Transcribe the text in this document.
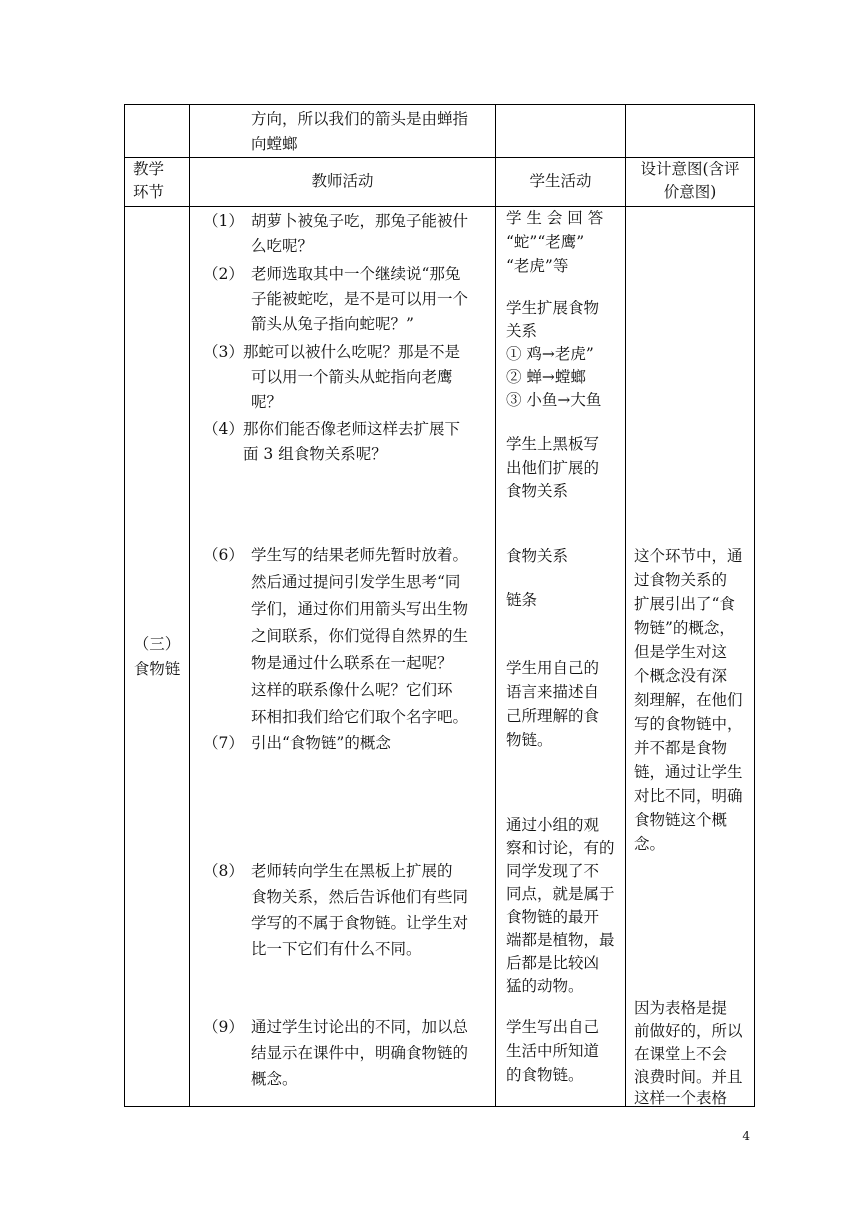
方向，所以我们的箭头是由蝉指
向螳螂
教学
环节
教师活动	学生活动
设计意图(含评
价意图)
（三）
食物链
（1） 胡萝卜被兔子吃，那兔子能被什
么吃呢？
（2） 老师选取其中一个继续说“那兔
子能被蛇吃，是不是可以用一个
箭头从兔子指向蛇呢？”
（3） 那蛇可以被什么吃呢？那是不是
可以用一个箭头从蛇指向老鹰
呢？
（4） 那你们能否像老师这样去扩展下
面 3 组食物关系呢？
（6） 学生写的结果老师先暂时放着。
然后通过提问引发学生思考“同
学们，通过你们用箭头写出生物
之间联系，你们觉得自然界的生
物是通过什么联系在一起呢？
这样的联系像什么呢？它们环
环相扣我们给它们取个名字吧。
（7） 引出“食物链”的概念
（8） 老师转向学生在黑板上扩展的
食物关系，然后告诉他们有些同
学写的不属于食物链。让学生对
比一下它们有什么不同。
（9） 通过学生讨论出的不同，加以总
结显示在课件中，明确食物链的
概念。
学 生 会 回 答
“蛇”“老鹰”
“老虎”等
学生扩展食物
关系
① 鸡→老虎”
② 蝉→螳螂
③ 小鱼→大鱼
学生上黑板写
出他们扩展的
食物关系
食物关系
链条
学生用自己的
语言来描述自
己所理解的食
物链。
通过小组的观
察和讨论，有的
同学发现了不
同点，就是属于
食物链的最开
端都是植物，最
后都是比较凶
猛的动物。
学生写出自己
生活中所知道
的食物链。
这个环节中，通
过食物关系的
扩展引出了“食
物链”的概念，
但是学生对这
个概念没有深
刻理解，在他们
写的食物链中，
并不都是食物
链，通过让学生
对比不同，明确
食物链这个概
念。
因为表格是提
前做好的，所以
在课堂上不会
浪费时间。并且
这样一个表格
4
